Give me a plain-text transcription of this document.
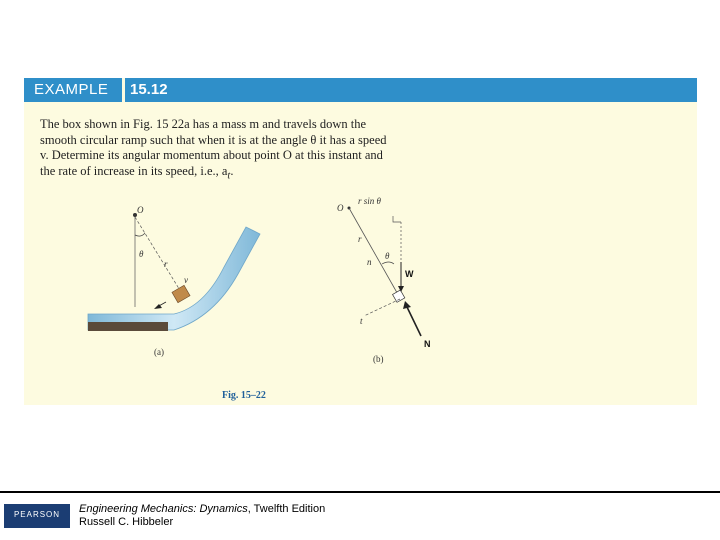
EXAMPLE 15.12
The box shown in Fig. 15 22a has a mass m and travels down the
smooth circular ramp such that when it is at the angle θ it has a speed
v. Determine its angular momentum about point O at this instant and
the rate of increase in its speed, i.e., $a_t$.
O
θ
r
v
(a)
O
r sin θ
r
n
θ
W
t
N
(b)
Fig. 15–22
PEARSON	Engineering Mechanics: Dynamics, Twelfth Edition
Russell C. Hibbeler
